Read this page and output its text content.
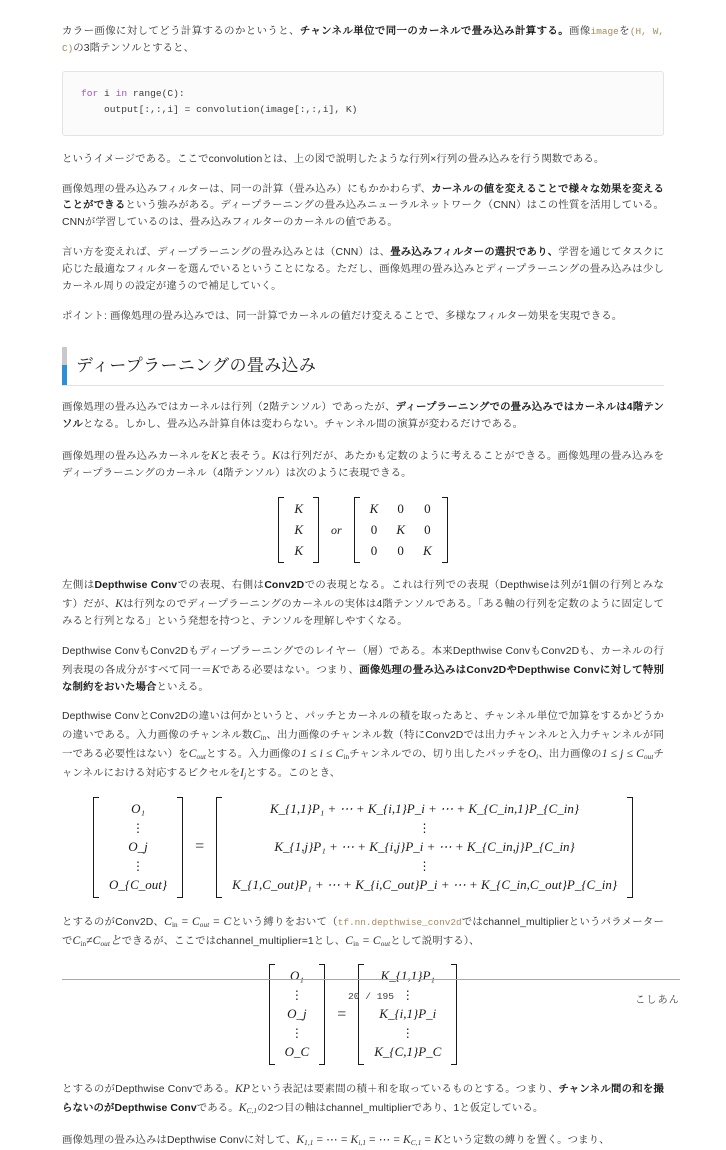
カラー画像に対してどう計算するのかというと、チャンネル単位で同一のカーネルで畳み込み計算する。画像imageを(H, W, C)の3階テンソルとすると、

for i in range(C):
output[:,:,i] = convolution(image[:,:,i], K)

というイメージである。ここでconvolutionとは、上の図で説明したような行列×行列の畳み込みを行う関数である。

画像処理の畳み込みフィルターは、同一の計算（畳み込み）にもかかわらず、カーネルの値を変えることで様々な効果を変えることができるという強みがある。ディープラーニングの畳み込みニューラルネットワーク（CNN）はこの性質を活用している。CNNが学習しているのは、畳み込みフィルターのカーネルの値である。

言い方を変えれば、ディープラーニングの畳み込みとは（CNN）は、畳み込みフィルターの選択であり、学習を通じてタスクに応じた最適なフィルターを選んでいるということになる。ただし、画像処理の畳み込みとディープラーニングの畳み込みは少しカーネル周りの設定が違うので補足していく。

ポイント: 画像処理の畳み込みでは、同一計算でカーネルの値だけ変えることで、多様なフィルター効果を実現できる。

ディープラーニングの畳み込み

画像処理の畳み込みではカーネルは行列（2階テンソル）であったが、ディープラーニングでの畳み込みではカーネルは4階テンソルとなる。しかし、畳み込み計算自体は変わらない。チャンネル間の演算が変わるだけである。

画像処理の畳み込みカーネルをKと表そう。Kは行列だが、あたかも定数のように考えることができる。画像処理の畳み込みをディープラーニングのカーネル（4階テンソル）は次のように表現できる。

K
K
K
or
K	0	0
0	K	0
0	0	K

左側はDepthwise Convでの表現、右側はConv2Dでの表現となる。これは行列での表現（Depthwiseは列が1個の行列とみなす）だが、Kは行列なのでディープラーニングのカーネルの実体は4階テンソルである。「ある軸の行列を定数のように固定してみると行列となる」という発想を持つと、テンソルを理解しやすくなる。

Depthwise ConvもConv2Dもディープラーニングでのレイヤー（層）である。本来Depthwise ConvもConv2Dも、カーネルの行列表現の各成分がすべて同一＝Kである必要はない。つまり、画像処理の畳み込みはConv2DやDepthwise Convに対して特別な制約をおいた場合といえる。

Depthwise ConvとConv2Dの違いは何かというと、パッチとカーネルの積を取ったあと、チャンネル単位で加算をするかどうかの違いである。入力画像のチャンネル数$C_{in}$、出力画像のチャンネル数（特にConv2Dでは出力チャンネルと入力チャンネルが同一である必要性はない）を$C_{out}$とする。入力画像の$1 \le i \le C_{in}$チャンネルでの、切り出したパッチを$O_i$、出力画像の$1 \le j \le C_{out}$チャンネルにおける対応するピクセルを$I_j$とする。このとき、

O₁
⋮
O_j
⋮
O_{C_out}
=
K_{1,1}P₁ + ⋯ + K_{i,1}P_i + ⋯ + K_{C_in,1}P_{C_in}
⋮
K_{1,j}P₁ + ⋯ + K_{i,j}P_i + ⋯ + K_{C_in,j}P_{C_in}
⋮
K_{1,C_out}P₁ + ⋯ + K_{i,C_out}P_i + ⋯ + K_{C_in,C_out}P_{C_in}

とするのがConv2D、$C_{in} = C_{out} = C$という縛りをおいて（tf.nn.depthwise_conv2dではchannel_multiplierというパラメーターで$C_{in}\ne C_{out}$とできるが、ここではchannel_multiplier=1とし、$C_{in} = C_{out}$として説明する）、

O₁
⋮
O_j
⋮
O_C
=
K_{1,1}P₁
⋮
K_{i,1}P_i
⋮
K_{C,1}P_C

とするのがDepthwise Convである。KPという表記は要素間の積＋和を取っているものとする。つまり、チャンネル間の和を撮らないのがDepthwise Convである。$K_{C,1}$の2つ目の軸はchannel_multiplierであり、1と仮定している。

画像処理の畳み込みはDepthwise Convに対して、$K_{1,1}$ = ⋯ = $K_{i,1}$ = ⋯ = $K_{C,1} = K$という定数の縛りを置く。つまり、

20 / 195	こしあん
